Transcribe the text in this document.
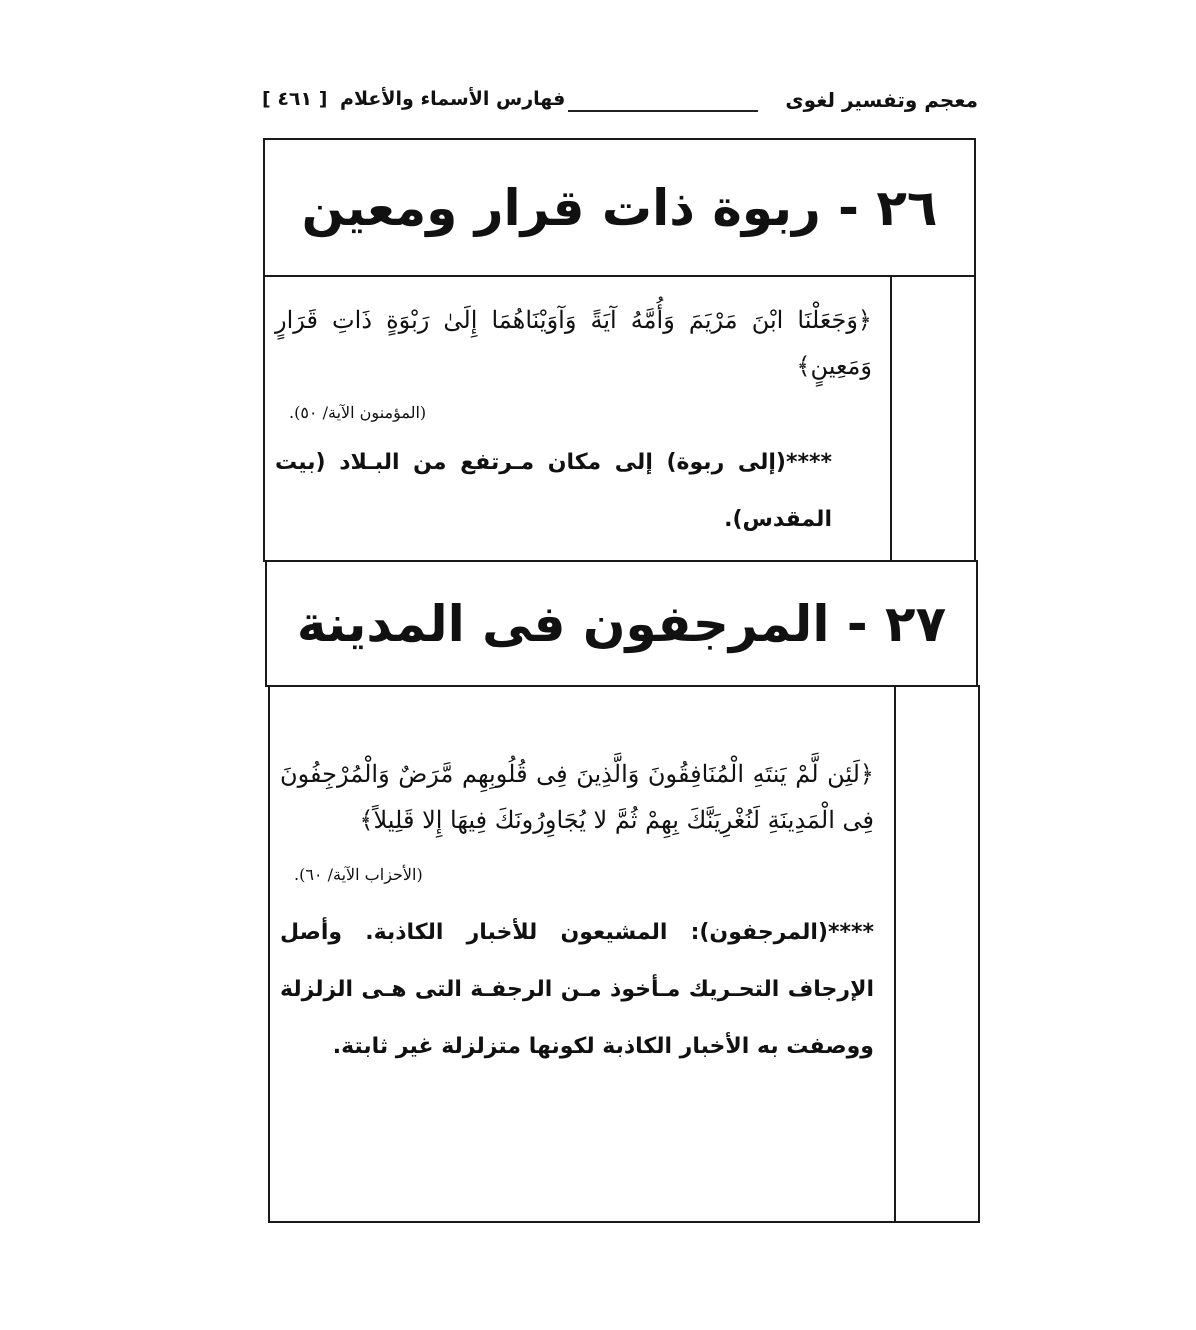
معجم وتفسير لغوى
فهارس الأسماء والأعلام [ ٤٦١ ]
٢٦ - ربوة ذات قرار ومعين
﴿وَجَعَلْنَا ابْنَ مَرْيَمَ وَأُمَّهُ آيَةً وَآوَيْنَاهُمَا إِلَىٰ رَبْوَةٍ ذَاتِ قَرَارٍ وَمَعِينٍ﴾
(المؤمنون الآية/ ٥٠).
****(إلى ربوة) إلى مكان مـرتفع من البـلاد (بيت المقدس).
٢٧ - المرجفون فى المدينة
﴿لَئِن لَّمْ يَنتَهِ الْمُنَافِقُونَ وَالَّذِينَ فِى قُلُوبِهِم مَّرَضٌ وَالْمُرْجِفُونَ فِى الْمَدِينَةِ لَنُغْرِيَنَّكَ بِهِمْ ثُمَّ لا يُجَاوِرُونَكَ فِيهَا إِلا قَلِيلاً﴾
(الأحزاب الآية/ ٦٠).
****(المرجفون): المشيعون للأخبار الكاذبة. وأصل الإرجاف التحـريك مـأخوذ مـن الرجفـة التى هـى الزلزلة ووصفت به الأخبار الكاذبة لكونها متزلزلة غير ثابتة.
